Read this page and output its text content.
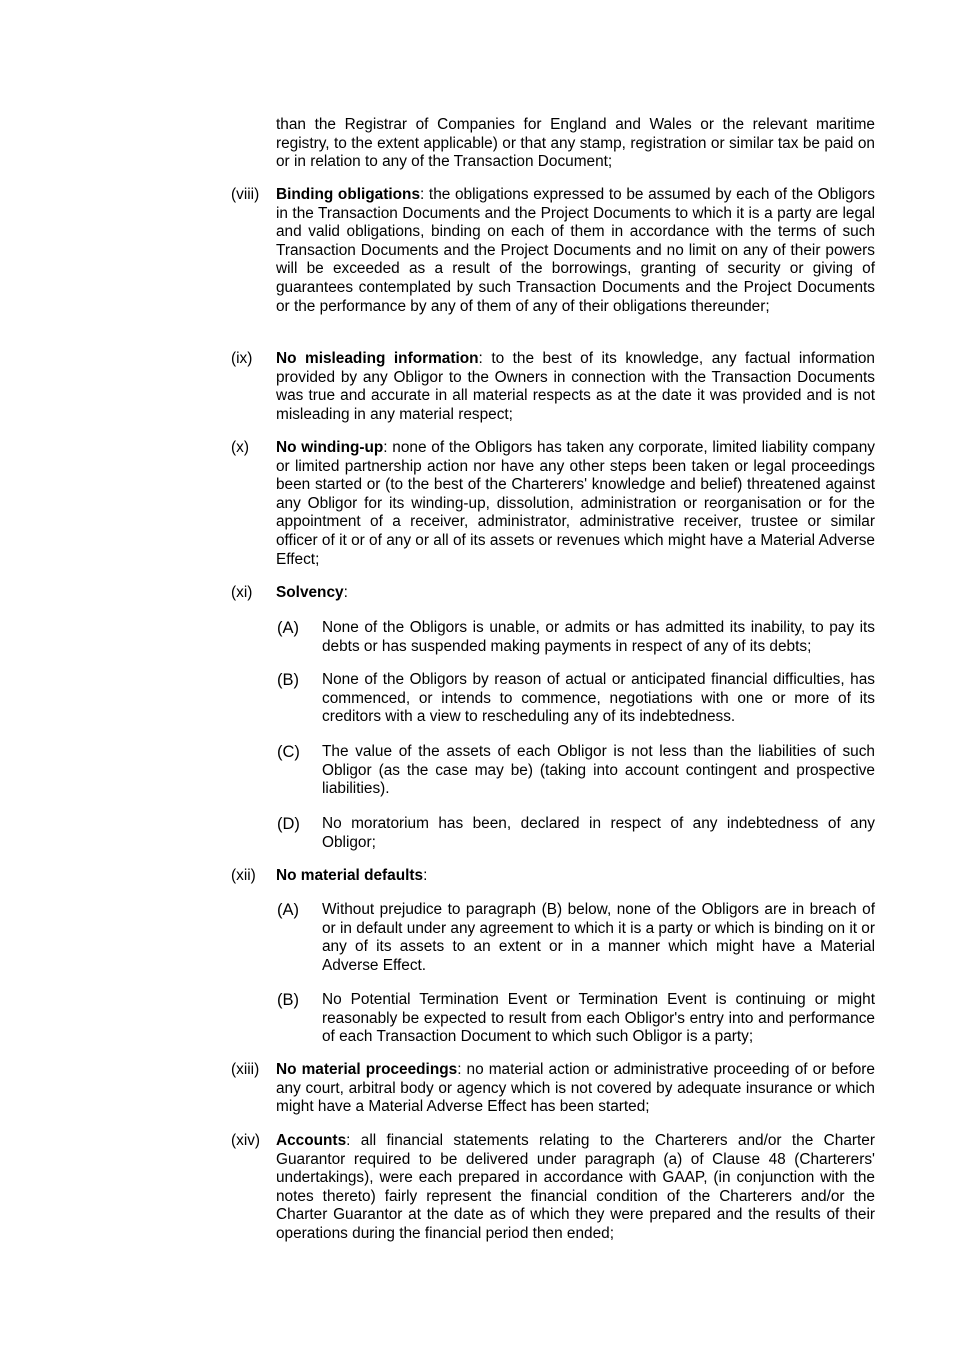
than the Registrar of Companies for England and Wales or the relevant maritime registry, to the extent applicable) or that any stamp, registration or similar tax be paid on or in relation to any of the Transaction Document;
(viii) Binding obligations: the obligations expressed to be assumed by each of the Obligors in the Transaction Documents and the Project Documents to which it is a party are legal and valid obligations, binding on each of them in accordance with the terms of such Transaction Documents and the Project Documents and no limit on any of their powers will be exceeded as a result of the borrowings, granting of security or giving of guarantees contemplated by such Transaction Documents and the Project Documents or the performance by any of them of any of their obligations thereunder;
(ix) No misleading information: to the best of its knowledge, any factual information provided by any Obligor to the Owners in connection with the Transaction Documents was true and accurate in all material respects as at the date it was provided and is not misleading in any material respect;
(x) No winding-up: none of the Obligors has taken any corporate, limited liability company or limited partnership action nor have any other steps been taken or legal proceedings been started or (to the best of the Charterers' knowledge and belief) threatened against any Obligor for its winding-up, dissolution, administration or reorganisation or for the appointment of a receiver, administrator, administrative receiver, trustee or similar officer of it or of any or all of its assets or revenues which might have a Material Adverse Effect;
(xi) Solvency:
(A) None of the Obligors is unable, or admits or has admitted its inability, to pay its debts or has suspended making payments in respect of any of its debts;
(B) None of the Obligors by reason of actual or anticipated financial difficulties, has commenced, or intends to commence, negotiations with one or more of its creditors with a view to rescheduling any of its indebtedness.
(C) The value of the assets of each Obligor is not less than the liabilities of such Obligor (as the case may be) (taking into account contingent and prospective liabilities).
(D) No moratorium has been, declared in respect of any indebtedness of any Obligor;
(xii) No material defaults:
(A) Without prejudice to paragraph (B) below, none of the Obligors are in breach of or in default under any agreement to which it is a party or which is binding on it or any of its assets to an extent or in a manner which might have a Material Adverse Effect.
(B) No Potential Termination Event or Termination Event is continuing or might reasonably be expected to result from each Obligor's entry into and performance of each Transaction Document to which such Obligor is a party;
(xiii) No material proceedings: no material action or administrative proceeding of or before any court, arbitral body or agency which is not covered by adequate insurance or which might have a Material Adverse Effect has been started;
(xiv) Accounts: all financial statements relating to the Charterers and/or the Charter Guarantor required to be delivered under paragraph (a) of Clause 48 (Charterers' undertakings), were each prepared in accordance with GAAP, (in conjunction with the notes thereto) fairly represent the financial condition of the Charterers and/or the Charter Guarantor at the date as of which they were prepared and the results of their operations during the financial period then ended;
